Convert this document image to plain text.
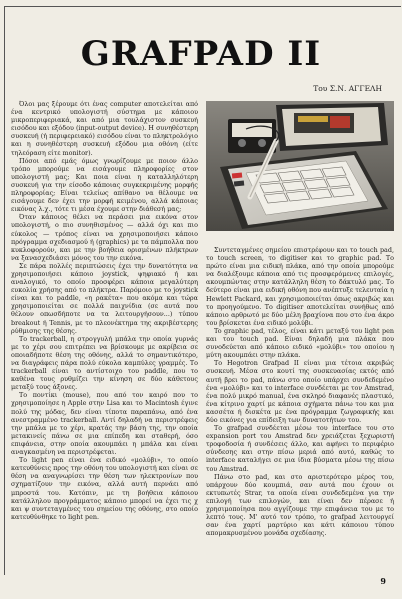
GRAFPAD II
Του Σ.Ν. ΑΓΓΕΛΗ

Όλοι μας ξέρουμε ότι ένας computer αποτελείται από ένα κεντρικό υπολογιστή σύστημα με κάποιου μικροπεριφεριακά, και από μια τουλάχιστον συσκευή εισόδου και εξόδου (input-output device). Η συνηθέστερη συσκευή (ή περιφερειακό) εισόδου είναι το πληκτρολόγιο και η συνηθέστερη συσκευή εξόδου μια οθόνη (είτε τηλεόραση είτε monitor).

Πόσοι από εμάς όμως γνωρίζουμε με ποιον άλλο τρόπο μπορούμε να εισάγουμε πληροφορίες στον υπολογιστή μας; Και ποια είναι η καταλληλότερη συσκευή για την είσοδο κάποιας συγκεκριμένης μορφής πληροφορίας; Είναι τελείως απίθανο να θέλουμε να εισάγουμε δεν έχει την μορφή κειμένου, αλλά κάποιας εικόνας λ.χ., τότε τι μέσα έχουμε στην διάθεσή μας;

Όταν κάποιος θέλει να περάσει μια εικόνα στον υπολογιστή, ο πιο συνηθισμένος — αλλά όχι και πιο εύκολος — τρόπος είναι να χρησιμοποιήσει κάποιο πρόγραμμα σχεδιασμού ή (graphics) με τα πάμπολλα που κυκλοφορούν, και με την βοήθεια ορισμένων πλήκτρων να ξανασχεδιάσει μόνος του την εικόνα.

Σε πάρα πολλές περιπτώσεις έχει την δυνατότητα να χρησιμοποιήσει κάποιο joystick, ψηφιακό ή και αναλογικό, το οποίο προσφέρει κάποια μεγαλύτερη ευκολία χρήσης από το πλήκτρα. Παρόμοιο με το joystick είναι και το paddle, «η ρακέτα» που ακόμα και τώρα χρησιμοποιείται σε πολλά παιχνίδια (σε αυτά που θέλουν οπωσδήποτε να τα λειτουργήσουν...) τύπου breakout ή Tennis, με το πλεονέκτημα της ακριβέστερης ρύθμισης της θέσης.

Το trackerball, η στρογγυλή μπάλα την οποία γυρνάς με το χέρι σου επιτρέπει να βρίσκουμε με ακρίβεια σε οποιαδήποτε θέση της οθόνης, αλλά το σημαντικότερο, να διαγράφεις πάρα πολύ εύκολα καμπύλες γραμμές. Το trackerball είναι το αντίστοιχο του paddle, που το καθένα τους ρυθμίζει την κίνηση σε δύο κάθετους μεταξύ τους άξονες.

Το ποντίκι (mouse), που από τον καιρό που το χρησιμοποίησε η Apple στην Lisa και το Macintosh έγινε πολύ της μόδας, δεν είναι τίποτα παραπάνω, από ένα ανεστραμμένο trackerball. Αντί δηλαδή να περιστρέφεις την μπάλα με το χέρι, κρατάς την βάση της, την οποία μετακινείς πάνω σε μια επίπεδη και σταθερή, όσο επιφάνεια, στην οποία ακουμπάει η μπάλα και είναι αναγκασμένη να περιστρέφεται.

Το light pen είναι ένα ειδικό «μολύβι», το οποίο κατευθύνεις προς την οθόνη του υπολογιστή και είναι σε θέση να αναγνωρίσει την θέση των ηλεκτρονίων που σχηματίζουν την εικόνα, αλλά αυτή περνάει από μπροστά του. Κατόπιν, με τη βοήθεια κάποιου κατάλληλου προγράμματος κάποιο μπορεί να έχει τις χ και ψ συντεταγμένες του σημείου της οθόνης, στο οποίο κατευθύνθηκε το light pen.

Συντεταγμένες σημείου επιστρέφουν και το touch pad, το touch screen, το digitiser και το graphic pad. Το πρώτο είναι μια ειδική πλάκα, από την οποία μπορούμε να διαλέξουμε κάποια από τις προσφερόμενες επιλογές, ακουμπώντας στην κατάλληλη θέση το δάκτυλό μας. Το δεύτερο είναι μια ειδική οθόνη που ανέπτυξε τελευταία η Hewlett Packard, και χρησιμοποιείται όπως ακριβώς και το προηγούμενο. Το digitiser αποτελείται συνήθως από κάποιο αρθρωτό με δύο μέλη βραχίονα που στο ένα άκρο του βρίσκεται ένα ειδικό μολύβι.

To graphic pad, τέλος, είναι κάτι μεταξύ του light pen και του touch pad. Είναι δηλαδή μια πλάκα που συνοδεύεται από κάποιο ειδικό «μολύβι» του οποίου η μύτη ακουμπάει στην πλάκα.

Το Hegotron Grafpad II είναι μια τέτοια ακριβώς συσκευή. Μέσα στο κουτί της συσκευασίας εκτός από αυτή βρει το pad, πάνω στο οποίο υπάρχει συνδεδεμένο ένα «μολύβι» και το interface συνδέεται με τον Amstrad, ένα πολύ μικρό manual, ένα σκληρό διαφανές πλαστικό, ένα κίτρινο χαρτί με κάποια σχήματα πάνω του και μια κασσέτα ή δισκέτα με ένα πρόγραμμα ζωγραφικής και δύο εικόνες για επίδειξη των δυνατοτήτων του.

Το grafpad συνδέεται μέσω του interface του στο expansion port του Amstrad δεν χρειάζεται ξεχωριστή τροφοδοσία ή συνδέσεις άλλο, και αφήνει το περιφέριο σύνδεσης και στην πίσω μεριά από αυτό, καθώς το interface καταλήγει σε μια ίδια βύσματα μέσω της πίσω του Amstrad.

Πάνω στο pad, και στο αριστερότερο μέρος του, υπάρχουν δύο κουμπιά, σαν αυτά που έχουν οι εκτυπωτές Strar, τα οποία είναι συνδεδεμένα για την επιλογή των επιλογών, και είναι δεν πέρασε ή χρησιμοποίησα που αγγίζουμε την επιφάνεια του με το λεπτό τους. Μ' αυτό τον τρόπο, το grafpad λειτουργεί σαν ένα χαρτί μαρτύριο και κάτι κάποιου τύπου απομακρυσμένου μονάδα σχεδίασης.

9
